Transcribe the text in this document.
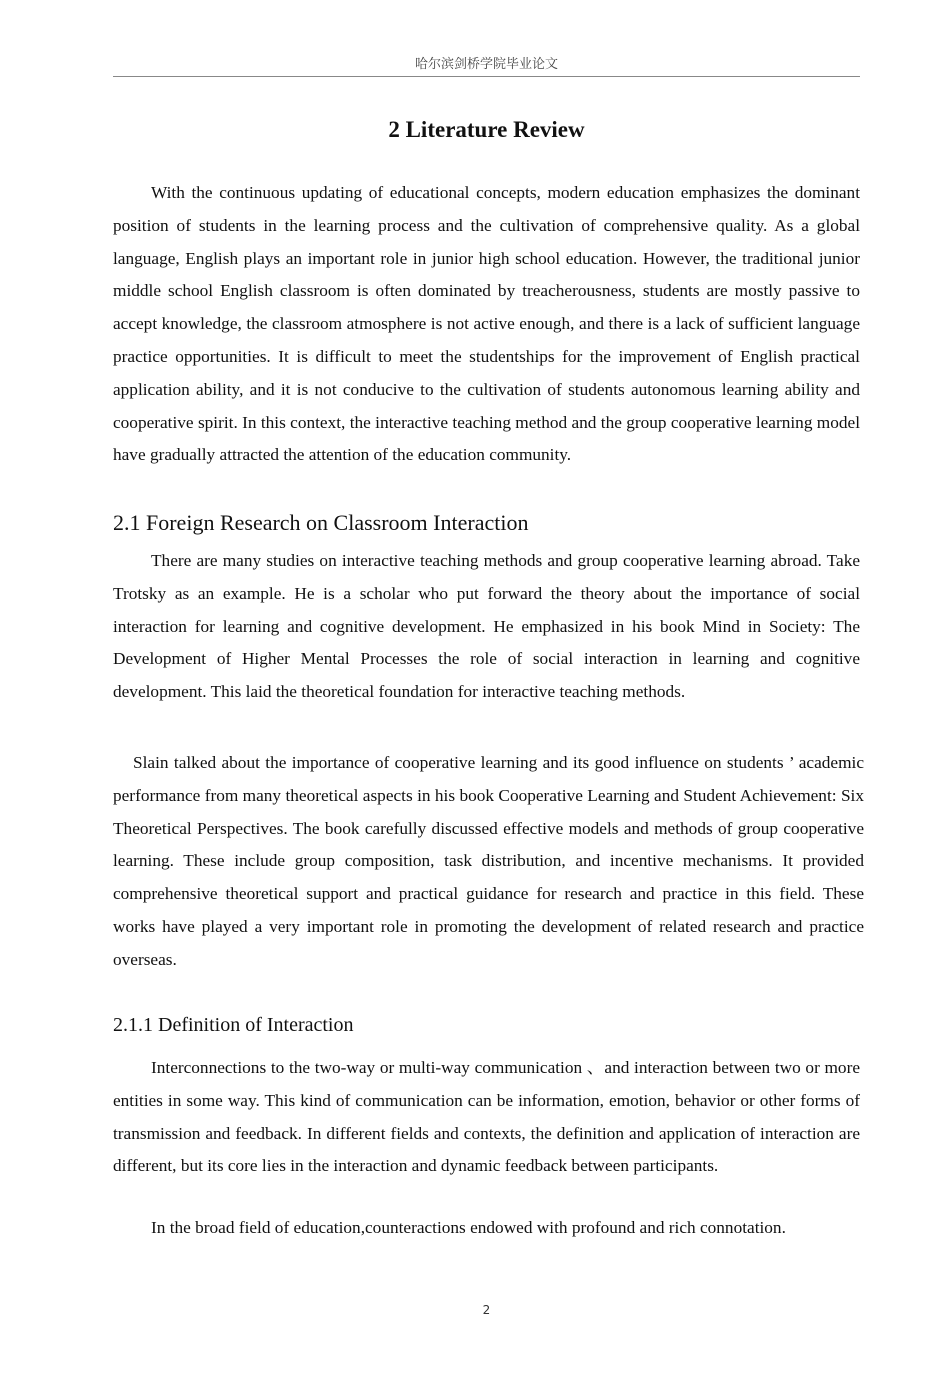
哈尔滨剑桥学院毕业论文
2 Literature Review

With the continuous updating of educational concepts, modern education emphasizes the dominant position of students in the learning process and the cultivation of comprehensive quality. As a global language, English plays an important role in junior high school education. However, the traditional junior middle school English classroom is often dominated by treacherousness, students are mostly passive to accept knowledge, the classroom atmosphere is not active enough, and there is a lack of sufficient language practice opportunities. It is difficult to meet the studentships for the improvement of English practical application ability, and it is not conducive to the cultivation of students autonomous learning ability and cooperative spirit. In this context, the interactive teaching method and the group cooperative learning model have gradually attracted the attention of the education community.

2.1 Foreign Research on Classroom Interaction

There are many studies on interactive teaching methods and group cooperative learning abroad. Take Trotsky as an example. He is a scholar who put forward the theory about the importance of social interaction for learning and cognitive development. He emphasized in his book Mind in Society: The Development of Higher Mental Processes the role of social interaction in learning and cognitive development. This laid the theoretical foundation for interactive teaching methods.

Slain talked about the importance of cooperative learning and its good influence on students ’ academic performance from many theoretical aspects in his book Cooperative Learning and Student Achievement: Six Theoretical Perspectives. The book carefully discussed effective models and methods of group cooperative learning. These include group composition, task distribution, and incentive mechanisms. It provided comprehensive theoretical support and practical guidance for research and practice in this field. These works have played a very important role in promoting the development of related research and practice overseas.

2.1.1 Definition of Interaction

Interconnections to the two-way or multi-way communication 、and interaction between two or more entities in some way. This kind of communication can be information, emotion, behavior or other forms of transmission and feedback. In different fields and contexts, the definition and application of interaction are different, but its core lies in the interaction and dynamic feedback between participants.

In the broad field of education,counteractions endowed with profound and rich connotation.

2
